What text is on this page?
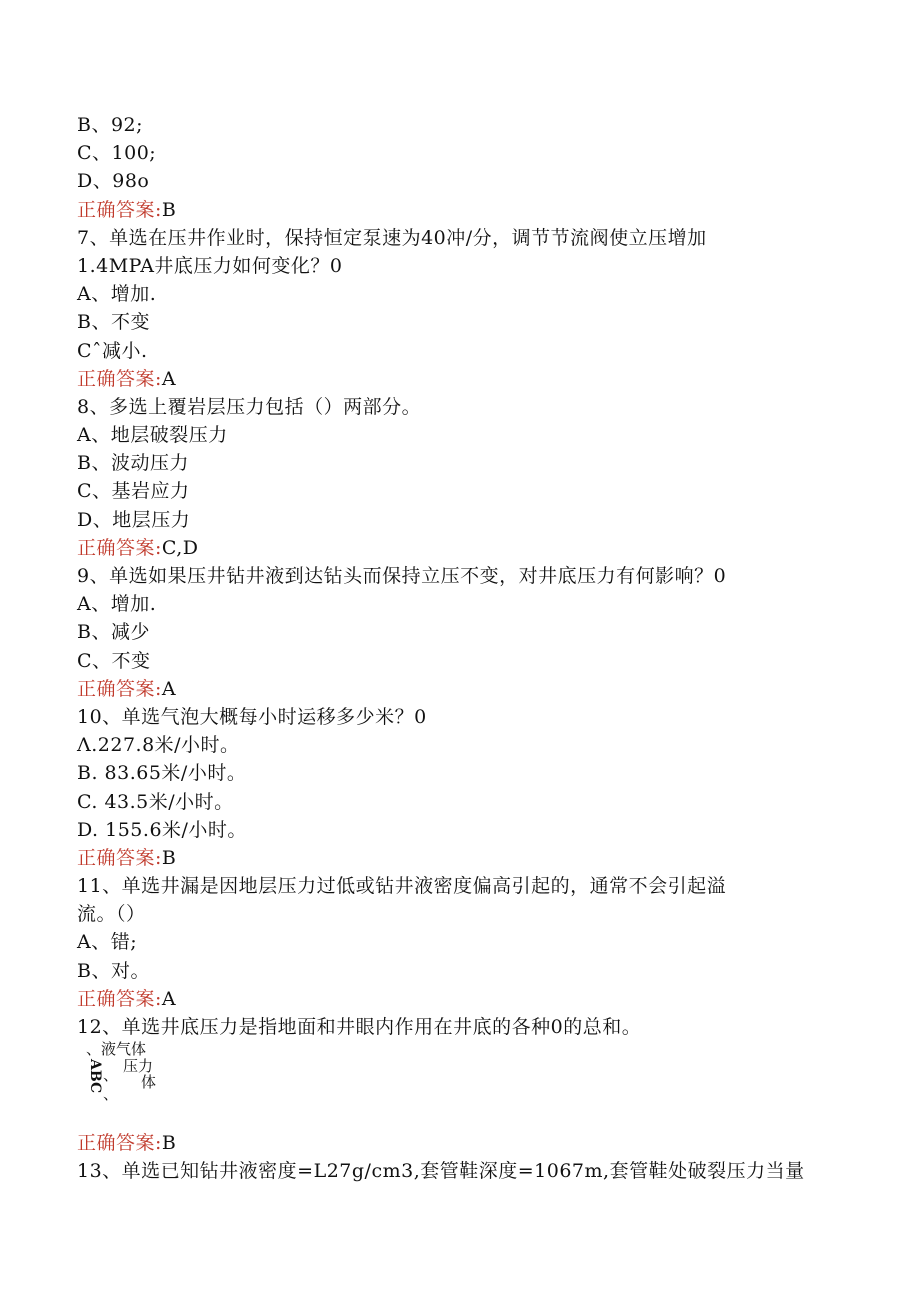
B、92;
C、100;
D、98o
正确答案:B
7、单选在压井作业时，保持恒定泵速为40冲/分，调节节流阀使立压增加
1.4MPA井底压力如何变化？0
A、增加.
B、不变
Cˆ减小.
正确答案:A
8、多选上覆岩层压力包括（）两部分。
A、地层破裂压力
B、波动压力
C、基岩应力
D、地层压力
正确答案:C,D
9、单选如果压井钻井液到达钻头而保持立压不变，对井底压力有何影响？0
A、增加.
B、减少
C、不变
正确答案:A
10、单选气泡大概每小时运移多少米？0
Λ.227.8米/小时。
B. 83.65米/小时。
C. 43.5米/小时。
D. 155.6米/小时。
正确答案:B
11、单选井漏是因地层压力过低或钻井液密度偏高引起的，通常不会引起溢
流。（）
A、错;
B、对。
正确答案:A
12、单选井底压力是指地面和井眼内作用在井底的各种0的总和。
ABC
、液气体
压力
、 体
、
正确答案:B
13、单选已知钻井液密度=L27g/cm3,套管鞋深度=1067m,套管鞋处破裂压力当量
